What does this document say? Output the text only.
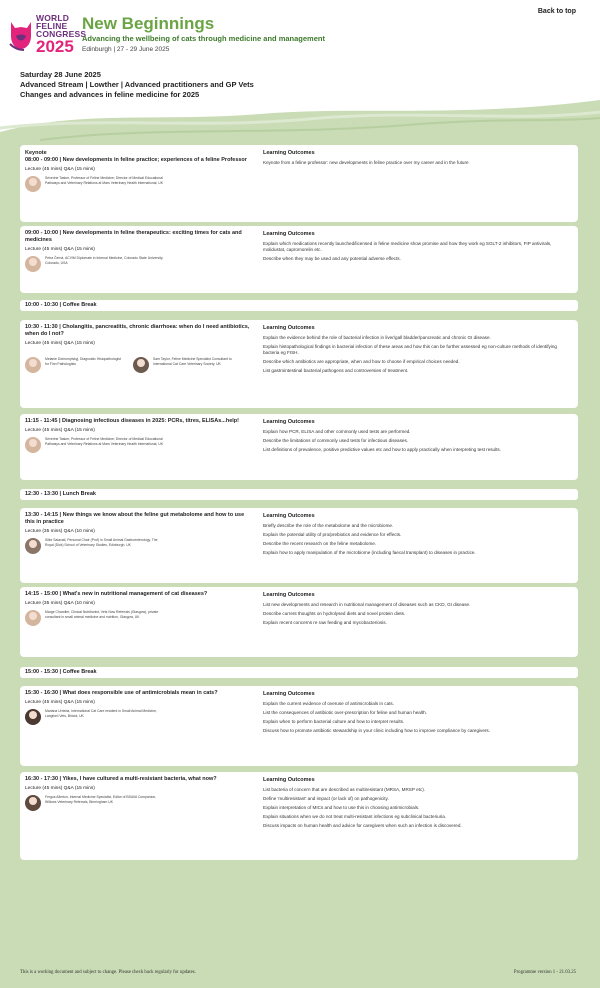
WORLD
FELINE
CONGRESS
2025
New Beginnings
Advancing the wellbeing of cats through medicine and management
Edinburgh | 27 - 29 June 2025
Back to top
Saturday 28 June 2025
Advanced Stream | Lowther | Advanced practitioners and GP Vets
Changes and advances in feline medicine for 2025
Keynote
08:00 - 09:00 | New developments in feline practice; experiences of a feline Professor
Lecture (45 mins) Q&A (15 mins)
Séverine Tasker, Professor of Feline Medicine; Director of Medical Educational Pathways and Veterinary Relations at Mars Veterinary Health International, UK
Learning Outcomes
Keynote from a feline professor: new developments in feline practice over my career and in the future
09:00 - 10:00 | New developments in feline therapeutics: exciting times for cats and medicines
Lecture (45 mins) Q&A (15 mins)
Petra Černá, ACVIM Diplomate in Internal Medicine, Colorado State University, Colorado, USA
Learning Outcomes
Explain which medications recently launched/licensed in feline medicine show promise and how they work eg SGLT-2 inhibitors, FIP antivirals, molidustat, capromorelin etc.
Describe when they may be used and any potential adverse effects.
10:00 - 10:30 | Coffee Break
10:30 - 11:30 | Cholangitis, pancreatitis, chronic diarrhoea: when do I need antibiotics, when do I not?
Lecture (45 mins) Q&A (15 mins)
Melanie Dobromylskyj, Diagnostic Histopathologist for Finn Pathologists
Sam Taylor, Feline Medicine Specialist Consultant to International Cat Care Veterinary Society, UK
Learning Outcomes
Explain the evidence behind the role of bacterial infection in liver/gall bladder/pancreatic and chronic GI disease.
Explain histopathological findings in bacterial infection of these areas and how this can be further assessed eg non-culture methods of identifying bacteria eg FISH.
Describe which antibiotics are appropriate, when and how to choose if empirical choices needed.
List gastrointestinal bacterial pathogens and controversies of treatment.
11:15 - 11:45 | Diagnosing infectious diseases in 2025: PCRs, titres, ELISAs...help!
Lecture (45 mins) Q&A (15 mins)
Séverine Tasker, Professor of Feline Medicine; Director of Medical Educational Pathways and Veterinary Relations at Mars Veterinary Health International, UK
Learning Outcomes
Explain how PCR, ELISA and other commonly used tests are performed.
Describe the limitations of commonly used tests for infectious diseases.
List definitions of prevalence, positive predictive values etc and how to apply practically when interpreting test results.
12:30 - 13:30 | Lunch Break
13:30 - 14:15 | New things we know about the feline gut metabolome and how to use this in practice
Lecture (35 mins) Q&A (10 mins)
Silke Salavati, Personal Chair (Prof) in Small Animal Gastroenterology, The Royal (Dick) School of Veterinary Studies, Edinburgh, UK
Learning Outcomes
Briefly describe the role of the metabolome and the microbiome.
Explain the potential utility of pro/prebiotics and evidence for effects.
Describe the recent research on the feline metabolome.
Explain how to apply manipulation of the microbiome (including faecal transplant) to diseases in practice.
14:15 - 15:00 | What's new in nutritional management of cat diseases?
Lecture (35 mins) Q&A (10 mins)
Marge Chandler, Clinical Nutritionist, Vets Now Referrals (Glasgow), private consultant in small animal medicine and nutrition, Glasgow, UK
Learning Outcomes
List new developments and research in nutritional management of diseases such as CKD, GI disease.
Describe current thoughts on hydrolysed diets and novel protein diets.
Explain recent concerns re raw feeding and mycobacteriosis.
15:00 - 15:30 | Coffee Break
15:30 - 16:30 | What does responsible use of antimicrobials mean in cats?
Lecture (45 mins) Q&A (15 mins)
Mariana Urrieda, International Cat Care resident in Small Animal Medicine, Langford Vets, Bristol, UK
Learning Outcomes
Explain the current evidence of overuse of antimicrobials in cats.
List the consequences of antibiotic over-prescription for feline and human health.
Explain when to perform bacterial culture and how to interpret results.
Discuss how to promote antibiotic stewardship in your clinic including how to improve compliance by caregivers.
16:30 - 17:30 | Yikes, I have cultured a multi-resistant bacteria, what now?
Lecture (45 mins) Q&A (15 mins)
Fergus Allerton, Internal Medicine Specialist, Editor of BSAVA Companion, Willows Veterinary Referrals, Birmingham UK
Learning Outcomes
List bacteria of concern that are described as multiresistant (MRSA, MRSP etc).
Define 'multiresistant' and impact (or lack of) on pathogenicity.
Explain interpretation of MICs and how to use this in choosing antimicrobials.
Explain situations when we do not treat multi-resistant infections eg subclinical bacteriuria.
Discuss impacts on human health and advice for caregivers when such an infection is discovered.
This is a working document and subject to change. Please check back regularly for updates.	Programme version 1 - 21.03.25
